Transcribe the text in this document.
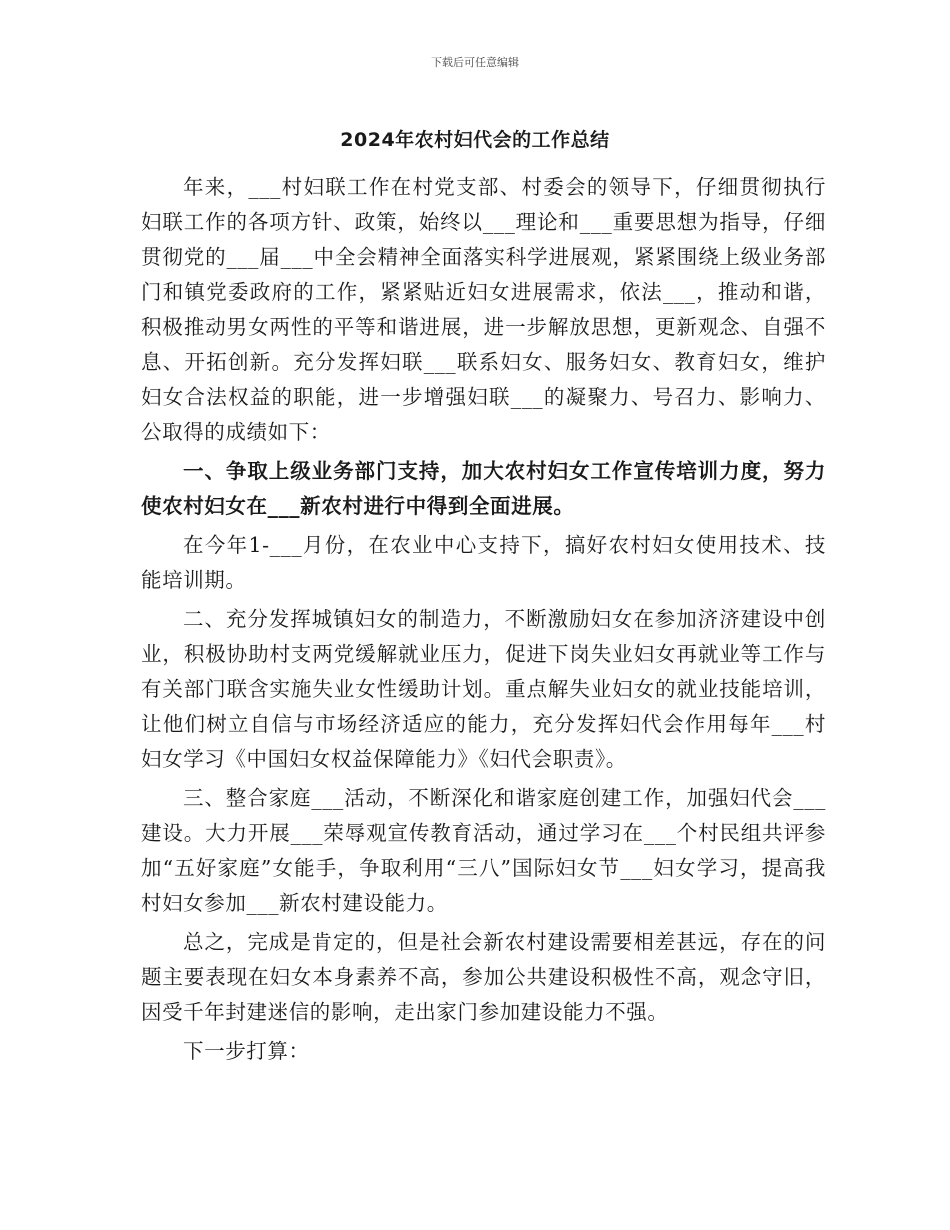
下载后可任意编辑
2024年农村妇代会的工作总结

年来，___村妇联工作在村党支部、村委会的领导下，仔细贯彻执行妇联工作的各项方针、政策，始终以___理论和___重要思想为指导，仔细贯彻党的___届___中全会精神全面落实科学进展观，紧紧围绕上级业务部门和镇党委政府的工作，紧紧贴近妇女进展需求，依法___，推动和谐，积极推动男女两性的平等和谐进展，进一步解放思想，更新观念、自强不息、开拓创新。充分发挥妇联___联系妇女、服务妇女、教育妇女，维护妇女合法权益的职能，进一步增强妇联___的凝聚力、号召力、影响力、公取得的成绩如下：

一、争取上级业务部门支持，加大农村妇女工作宣传培训力度，努力使农村妇女在___新农村进行中得到全面进展。

在今年1-___月份，在农业中心支持下，搞好农村妇女使用技术、技能培训期。

二、充分发挥城镇妇女的制造力，不断激励妇女在参加济济建设中创业，积极协助村支两党缓解就业压力，促进下岗失业妇女再就业等工作与有关部门联含实施失业女性缓助计划。重点解失业妇女的就业技能培训，让他们树立自信与市场经济适应的能力，充分发挥妇代会作用每年___村妇女学习《中国妇女权益保障能力》《妇代会职责》。

三、整合家庭___活动，不断深化和谐家庭创建工作，加强妇代会___建设。大力开展___荣辱观宣传教育活动，通过学习在___个村民组共评参加“五好家庭”女能手，争取利用“三八”国际妇女节___妇女学习，提高我村妇女参加___新农村建设能力。

总之，完成是肯定的，但是社会新农村建设需要相差甚远，存在的问题主要表现在妇女本身素养不高，参加公共建设积极性不高，观念守旧，因受千年封建迷信的影响，走出家门参加建设能力不强。

下一步打算：
